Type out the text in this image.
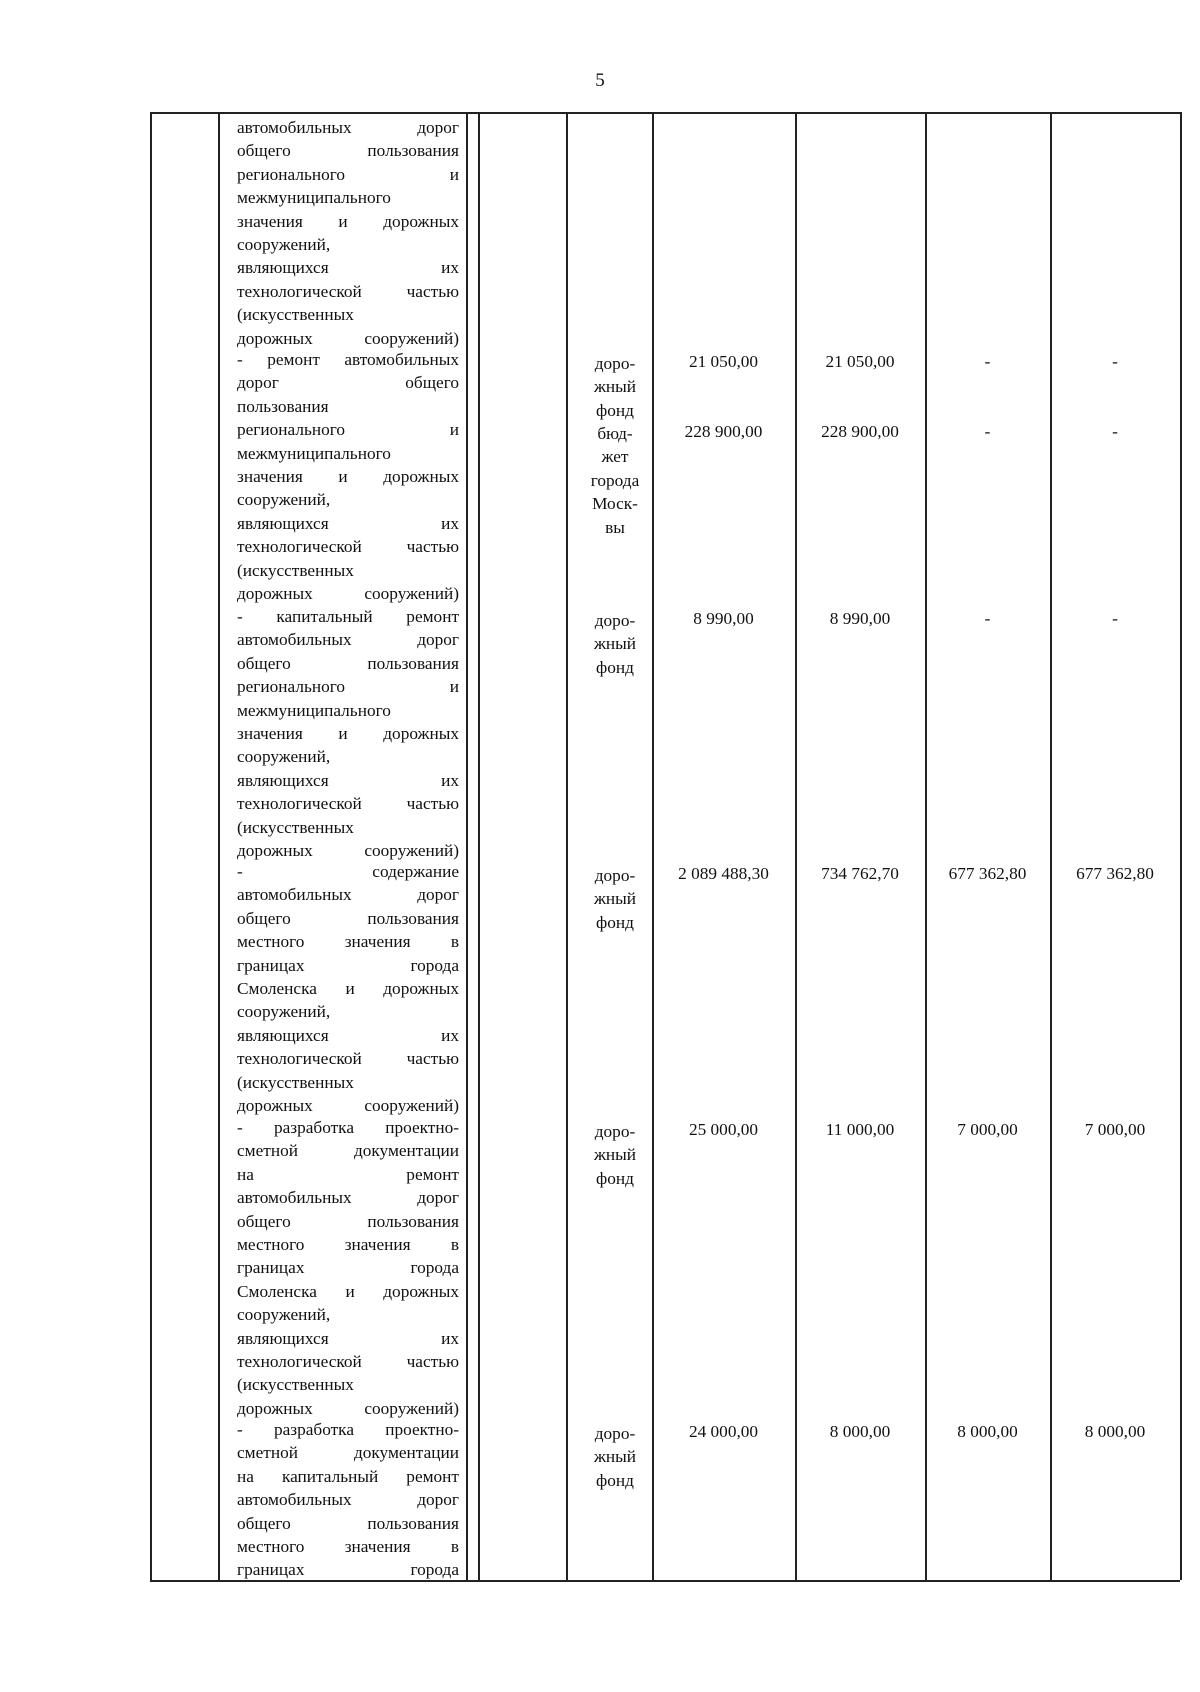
5
автомобильных дорог
общего пользования
регионального и
межмуниципального
значения и дорожных
сооружений,
являющихся их
технологической частью
(искусственных
дорожных сооружений)
- ремонт автомобильных
дорог общего
пользования
регионального и
межмуниципального
значения и дорожных
сооружений,
являющихся их
технологической частью
(искусственных
дорожных сооружений)
доро-
жный
фонд
21 050,00	21 050,00	-	-
бюд-
жет
города
Моск-
вы
228 900,00	228 900,00	-	-
- капитальный ремонт
автомобильных дорог
общего пользования
регионального и
межмуниципального
значения и дорожных
сооружений,
являющихся их
технологической частью
(искусственных
дорожных сооружений)
доро-
жный
фонд
8 990,00	8 990,00	-	-
- содержание
автомобильных дорог
общего пользования
местного значения в
границах города
Смоленска и дорожных
сооружений,
являющихся их
технологической частью
(искусственных
дорожных сооружений)
доро-
жный
фонд
2 089 488,30	734 762,70	677 362,80	677 362,80
- разработка проектно-
сметной документации
на ремонт
автомобильных дорог
общего пользования
местного значения в
границах города
Смоленска и дорожных
сооружений,
являющихся их
технологической частью
(искусственных
дорожных сооружений)
доро-
жный
фонд
25 000,00	11 000,00	7 000,00	7 000,00
- разработка проектно-
сметной документации
на капитальный ремонт
автомобильных дорог
общего пользования
местного значения в
границах города
доро-
жный
фонд
24 000,00	8 000,00	8 000,00	8 000,00
